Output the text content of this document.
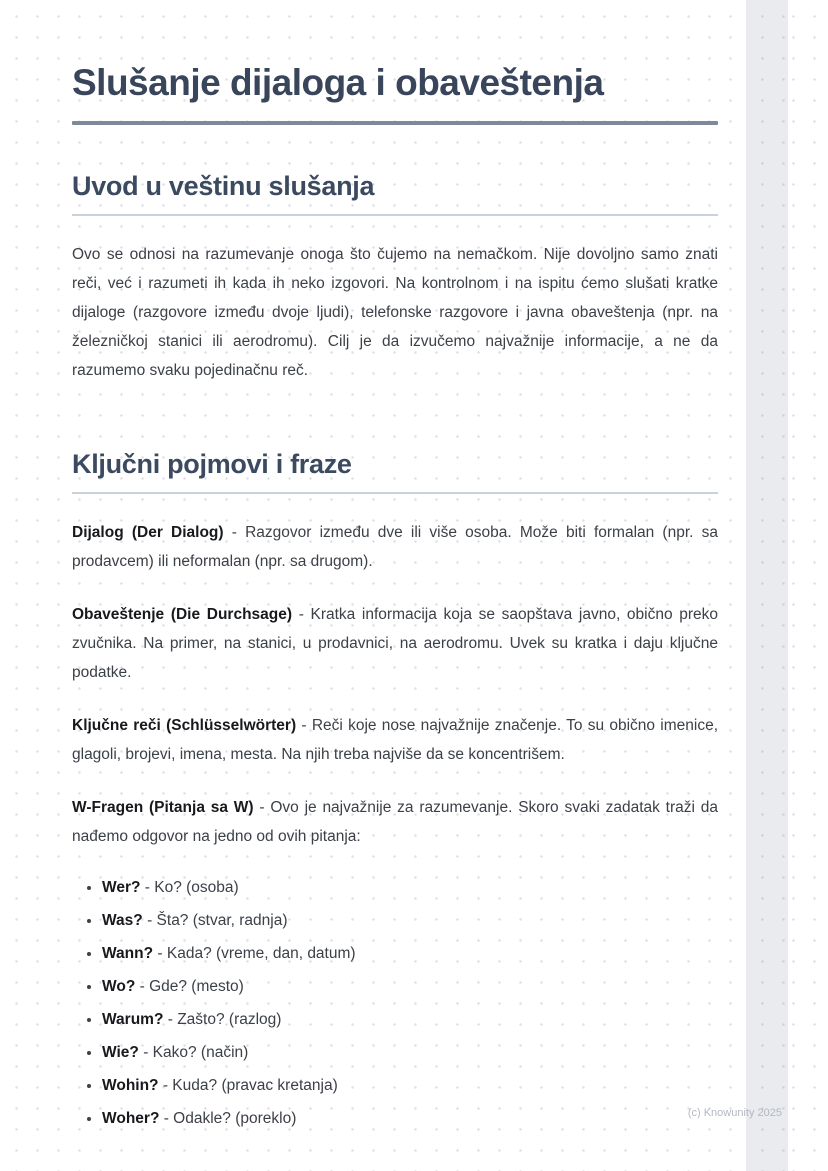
Slušanje dijaloga i obaveštenja
Uvod u veštinu slušanja

Ovo se odnosi na razumevanje onoga što čujemo na nemačkom. Nije dovoljno samo znati reči, već i razumeti ih kada ih neko izgovori. Na kontrolnom i na ispitu ćemo slušati kratke dijaloge (razgovore između dvoje ljudi), telefonske razgovore i javna obaveštenja (npr. na železničkoj stanici ili aerodromu). Cilj je da izvučemo najvažnije informacije, a ne da razumemo svaku pojedinačnu reč.

Ključni pojmovi i fraze

Dijalog (Der Dialog) - Razgovor između dve ili više osoba. Može biti formalan (npr. sa prodavcem) ili neformalan (npr. sa drugom).

Obaveštenje (Die Durchsage) - Kratka informacija koja se saopštava javno, obično preko zvučnika. Na primer, na stanici, u prodavnici, na aerodromu. Uvek su kratka i daju ključne podatke.

Ključne reči (Schlüsselwörter) - Reči koje nose najvažnije značenje. To su obično imenice, glagoli, brojevi, imena, mesta. Na njih treba najviše da se koncentrišem.

W-Fragen (Pitanja sa W) - Ovo je najvažnije za razumevanje. Skoro svaki zadatak traži da nađemo odgovor na jedno od ovih pitanja:

• Wer? - Ko? (osoba)
• Was? - Šta? (stvar, radnja)
• Wann? - Kada? (vreme, dan, datum)
• Wo? - Gde? (mesto)
• Warum? - Zašto? (razlog)
• Wie? - Kako? (način)
• Wohin? - Kuda? (pravac kretanja)
• Woher? - Odakle? (poreklo)	(c) Knowunity 2025
